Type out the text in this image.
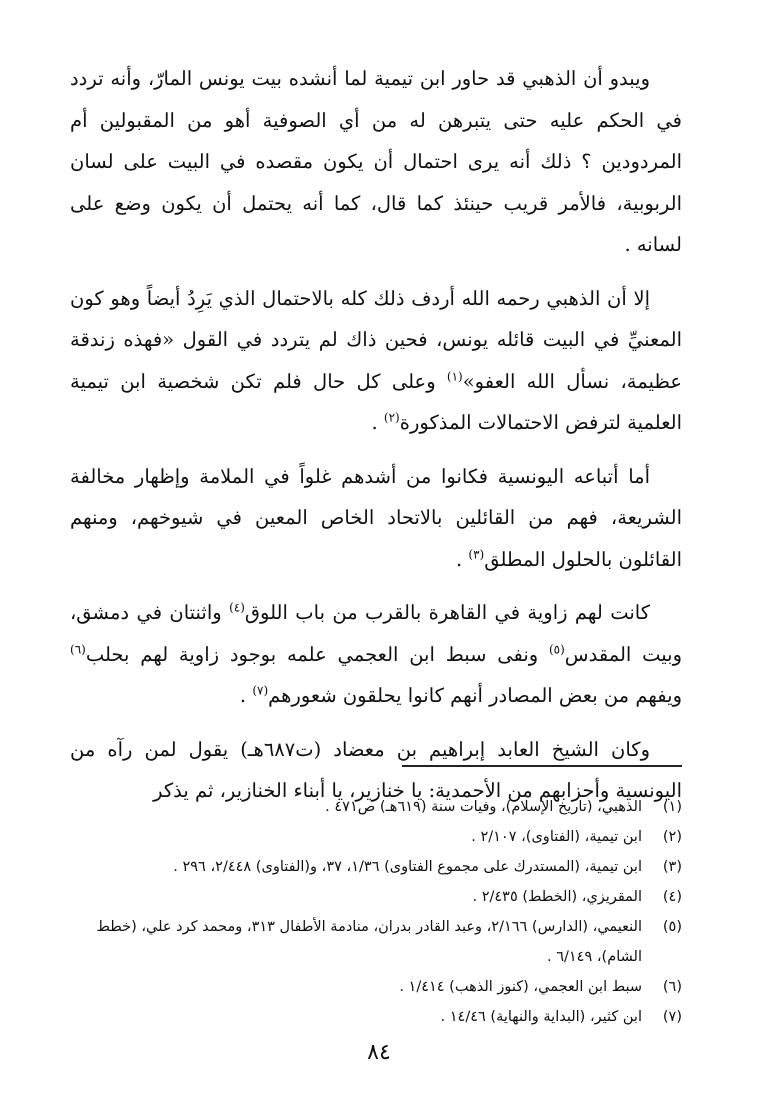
ويبدو أن الذهبي قد حاور ابن تيمية لما أنشده بيت يونس المارّ، وأنه تردد في الحكم عليه حتى يتبرهن له من أي الصوفية أهو من المقبولين أم المردودين ؟ ذلك أنه يرى احتمال أن يكون مقصده في البيت على لسان الربوبية، فالأمر قريب حينئذ كما قال، كما أنه يحتمل أن يكون وضع على لسانه .

إلا أن الذهبي رحمه الله أردف ذلك كله بالاحتمال الذي يَرِدُ أيضاً وهو كون المعنيِّ في البيت قائله يونس، فحين ذاك لم يتردد في القول «فهذه زندقة عظيمة، نسأل الله العفو»$^{(١)}$ وعلى كل حال فلم تكن شخصية ابن تيمية العلمية لترفض الاحتمالات المذكورة$^{(٢)}$ .

أما أتباعه اليونسية فكانوا من أشدهم غلواً في الملامة وإظهار مخالفة الشريعة، فهم من القائلين بالاتحاد الخاص المعين في شيوخهم، ومنهم القائلون بالحلول المطلق$^{(٣)}$ .

كانت لهم زاوية في القاهرة بالقرب من باب اللوق$^{(٤)}$ واثنتان في دمشق، وبيت المقدس$^{(٥)}$ ونفى سبط ابن العجمي علمه بوجود زاوية لهم بحلب$^{(٦)}$ ويفهم من بعض المصادر أنهم كانوا يحلقون شعورهم$^{(٧)}$ .

وكان الشيخ العابد إبراهيم بن معضاد (ت٦٨٧هـ) يقول لمن رآه من اليونسية وأحزابهم من الأحمدية: يا خنازير، يا أبناء الخنازير، ثم يذكر

(١)
الذهبي، (تاريخ الإسلام)، وفيات سنة (٦١٩هـ) ص٤٧١ .
(٢)
ابن تيمية، (الفتاوى)، ٢/١٠٧ .
(٣)
ابن تيمية، (المستدرك على مجموع الفتاوى) ١/٣٦، ٣٧، و(الفتاوى) ٢/٤٤٨، ٢٩٦ .
(٤)
المقريزي، (الخطط) ٢/٤٣٥ .
(٥)
النعيمي، (الدارس) ٢/١٦٦، وعبد القادر بدران، منادمة الأطفال ٣١٣، ومحمد كرد علي، (خطط الشام)، ٦/١٤٩ .
(٦)
سبط ابن العجمي، (كنوز الذهب) ١/٤١٤ .
(٧)
ابن كثير، (البداية والنهاية) ١٤/٤٦ .
٨٤
